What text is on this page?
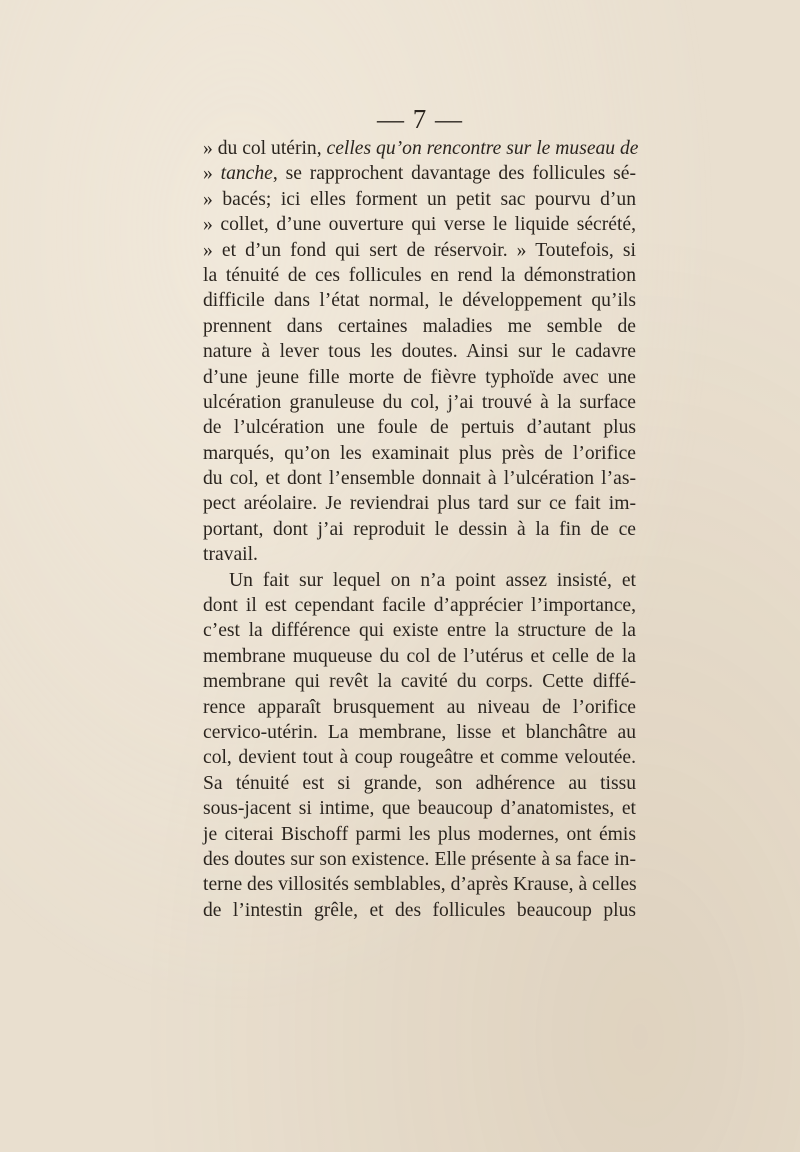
— 7 —
» du col utérin, celles qu’on rencontre sur le museau de
» tanche, se rapprochent davantage des follicules sé-
» bacés; ici elles forment un petit sac pourvu d’un
» collet, d’une ouverture qui verse le liquide sécrété,
» et d’un fond qui sert de réservoir. » Toutefois, si
la ténuité de ces follicules en rend la démonstration
difficile dans l’état normal, le développement qu’ils
prennent dans certaines maladies me semble de
nature à lever tous les doutes. Ainsi sur le cadavre
d’une jeune fille morte de fièvre typhoïde avec une
ulcération granuleuse du col, j’ai trouvé à la surface
de l’ulcération une foule de pertuis d’autant plus
marqués, qu’on les examinait plus près de l’orifice
du col, et dont l’ensemble donnait à l’ulcération l’as-
pect aréolaire. Je reviendrai plus tard sur ce fait im-
portant, dont j’ai reproduit le dessin à la fin de ce
travail.
Un fait sur lequel on n’a point assez insisté, et
dont il est cependant facile d’apprécier l’importance,
c’est la différence qui existe entre la structure de la
membrane muqueuse du col de l’utérus et celle de la
membrane qui revêt la cavité du corps. Cette diffé-
rence apparaît brusquement au niveau de l’orifice
cervico-utérin. La membrane, lisse et blanchâtre au
col, devient tout à coup rougeâtre et comme veloutée.
Sa ténuité est si grande, son adhérence au tissu
sous-jacent si intime, que beaucoup d’anatomistes, et
je citerai Bischoff parmi les plus modernes, ont émis
des doutes sur son existence. Elle présente à sa face in-
terne des villosités semblables, d’après Krause, à celles
de l’intestin grêle, et des follicules beaucoup plus
